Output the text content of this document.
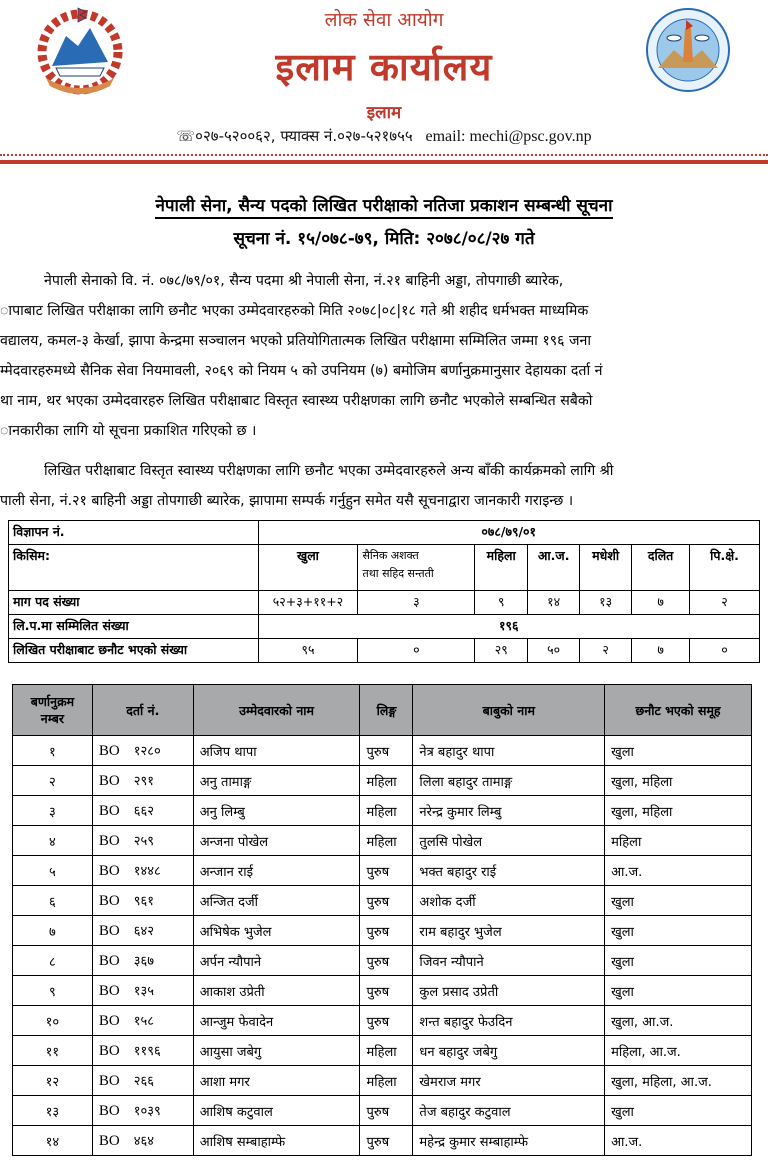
लोक सेवा आयोग
इलाम कार्यालय
इलाम
☏०२७-५२००६२, फ्याक्स नं.०२७-५२१७५५ email: mechi@psc.gov.np
नेपाली सेना, सैन्य पदको लिखित परीक्षाको नतिजा प्रकाशन सम्बन्धी सूचना
सूचना नं. १५/०७८-७९, मिति: २०७८/०८/२७ गते
नेपाली सेनाको वि. नं. ०७८/७९/०१, सैन्य पदमा श्री नेपाली सेना, नं.२१ बाहिनी अड्डा, तोपगाछी ब्यारेक,
ापाबाट लिखित परीक्षाका लागि छनौट भएका उम्मेदवारहरुको मिति २०७८|०८|१८ गते श्री शहीद धर्मभक्त माध्यमिक
वद्यालय, कमल-३ केर्खा, झापा केन्द्रमा सञ्चालन भएको प्रतियोगितात्मक लिखित परीक्षामा सम्मिलित जम्मा १९६ जना
म्मेदवारहरुमध्ये सैनिक सेवा नियमावली, २०६९ को नियम ५ को उपनियम (७) बमोजिम बर्णानुक्रमानुसार देहायका दर्ता नं
था नाम, थर भएका उम्मेदवारहरु लिखित परीक्षाबाट विस्तृत स्वास्थ्य परीक्षणका लागि छनौट भएकोले सम्बन्धित सबैको
ानकारीका लागि यो सूचना प्रकाशित गरिएको छ ।
लिखित परीक्षाबाट विस्तृत स्वास्थ्य परीक्षणका लागि छनौट भएका उम्मेदवारहरुले अन्य बाँकी कार्यक्रमको लागि श्री
पाली सेना, नं.२१ बाहिनी अड्डा तोपगाछी ब्यारेक, झापामा सम्पर्क गर्नुहुन समेत यसै सूचनाद्वारा जानकारी गराइन्छ ।
विज्ञापन नं.	०७८/७९/०१						
किसिम:	खुला	सैनिक अशक्त
तथा सहिद सन्तती	महिला	आ.ज.	मधेशी	दलित	पि.क्षे.
माग पद संख्या	५२+३+११+२	३	९	१४	१३	७	२
लि.प.मा सम्मिलित संख्या	१९६						
लिखित परीक्षाबाट छनौट भएको संख्या	९५	०	२९	५०	२	७	०
बर्णानुक्रम
नम्बर	दर्ता नं.	उम्मेदवारको नाम	लिङ्ग	बाबुको नाम	छनौट भएको समूह
१	BO १२८०	अजिप थापा	पुरुष	नेत्र बहादुर थापा	खुला
२	BO २९१	अनु तामाङ्ग	महिला	लिला बहादुर तामाङ्ग	खुला, महिला
३	BO ६६२	अनु लिम्बु	महिला	नरेन्द्र कुमार लिम्बु	खुला, महिला
४	BO २५९	अन्जना पोखेल	महिला	तुलसि पोखेल	महिला
५	BO १४४८	अन्जान राई	पुरुष	भक्त बहादुर राई	आ.ज.
६	BO ९६१	अन्जित दर्जी	पुरुष	अशोक दर्जी	खुला
७	BO ६४२	अभिषेक भुजेल	पुरुष	राम बहादुर भुजेल	खुला
८	BO ३६७	अर्पन न्यौपाने	पुरुष	जिवन न्यौपाने	खुला
९	BO १३५	आकाश उप्रेती	पुरुष	कुल प्रसाद उप्रेती	खुला
१०	BO १५८	आन्जुम फेवादेन	पुरुष	शन्त बहादुर फेउदिन	खुला, आ.ज.
११	BO ११९६	आयुसा जबेगु	महिला	धन बहादुर जबेगु	महिला, आ.ज.
१२	BO २६६	आशा मगर	महिला	खेमराज मगर	खुला, महिला, आ.ज.
१३	BO १०३९	आशिष कटुवाल	पुरुष	तेज बहादुर कटुवाल	खुला
१४	BO ४६४	आशिष सम्बाहाम्फे	पुरुष	महेन्द्र कुमार सम्बाहाम्फे	आ.ज.
